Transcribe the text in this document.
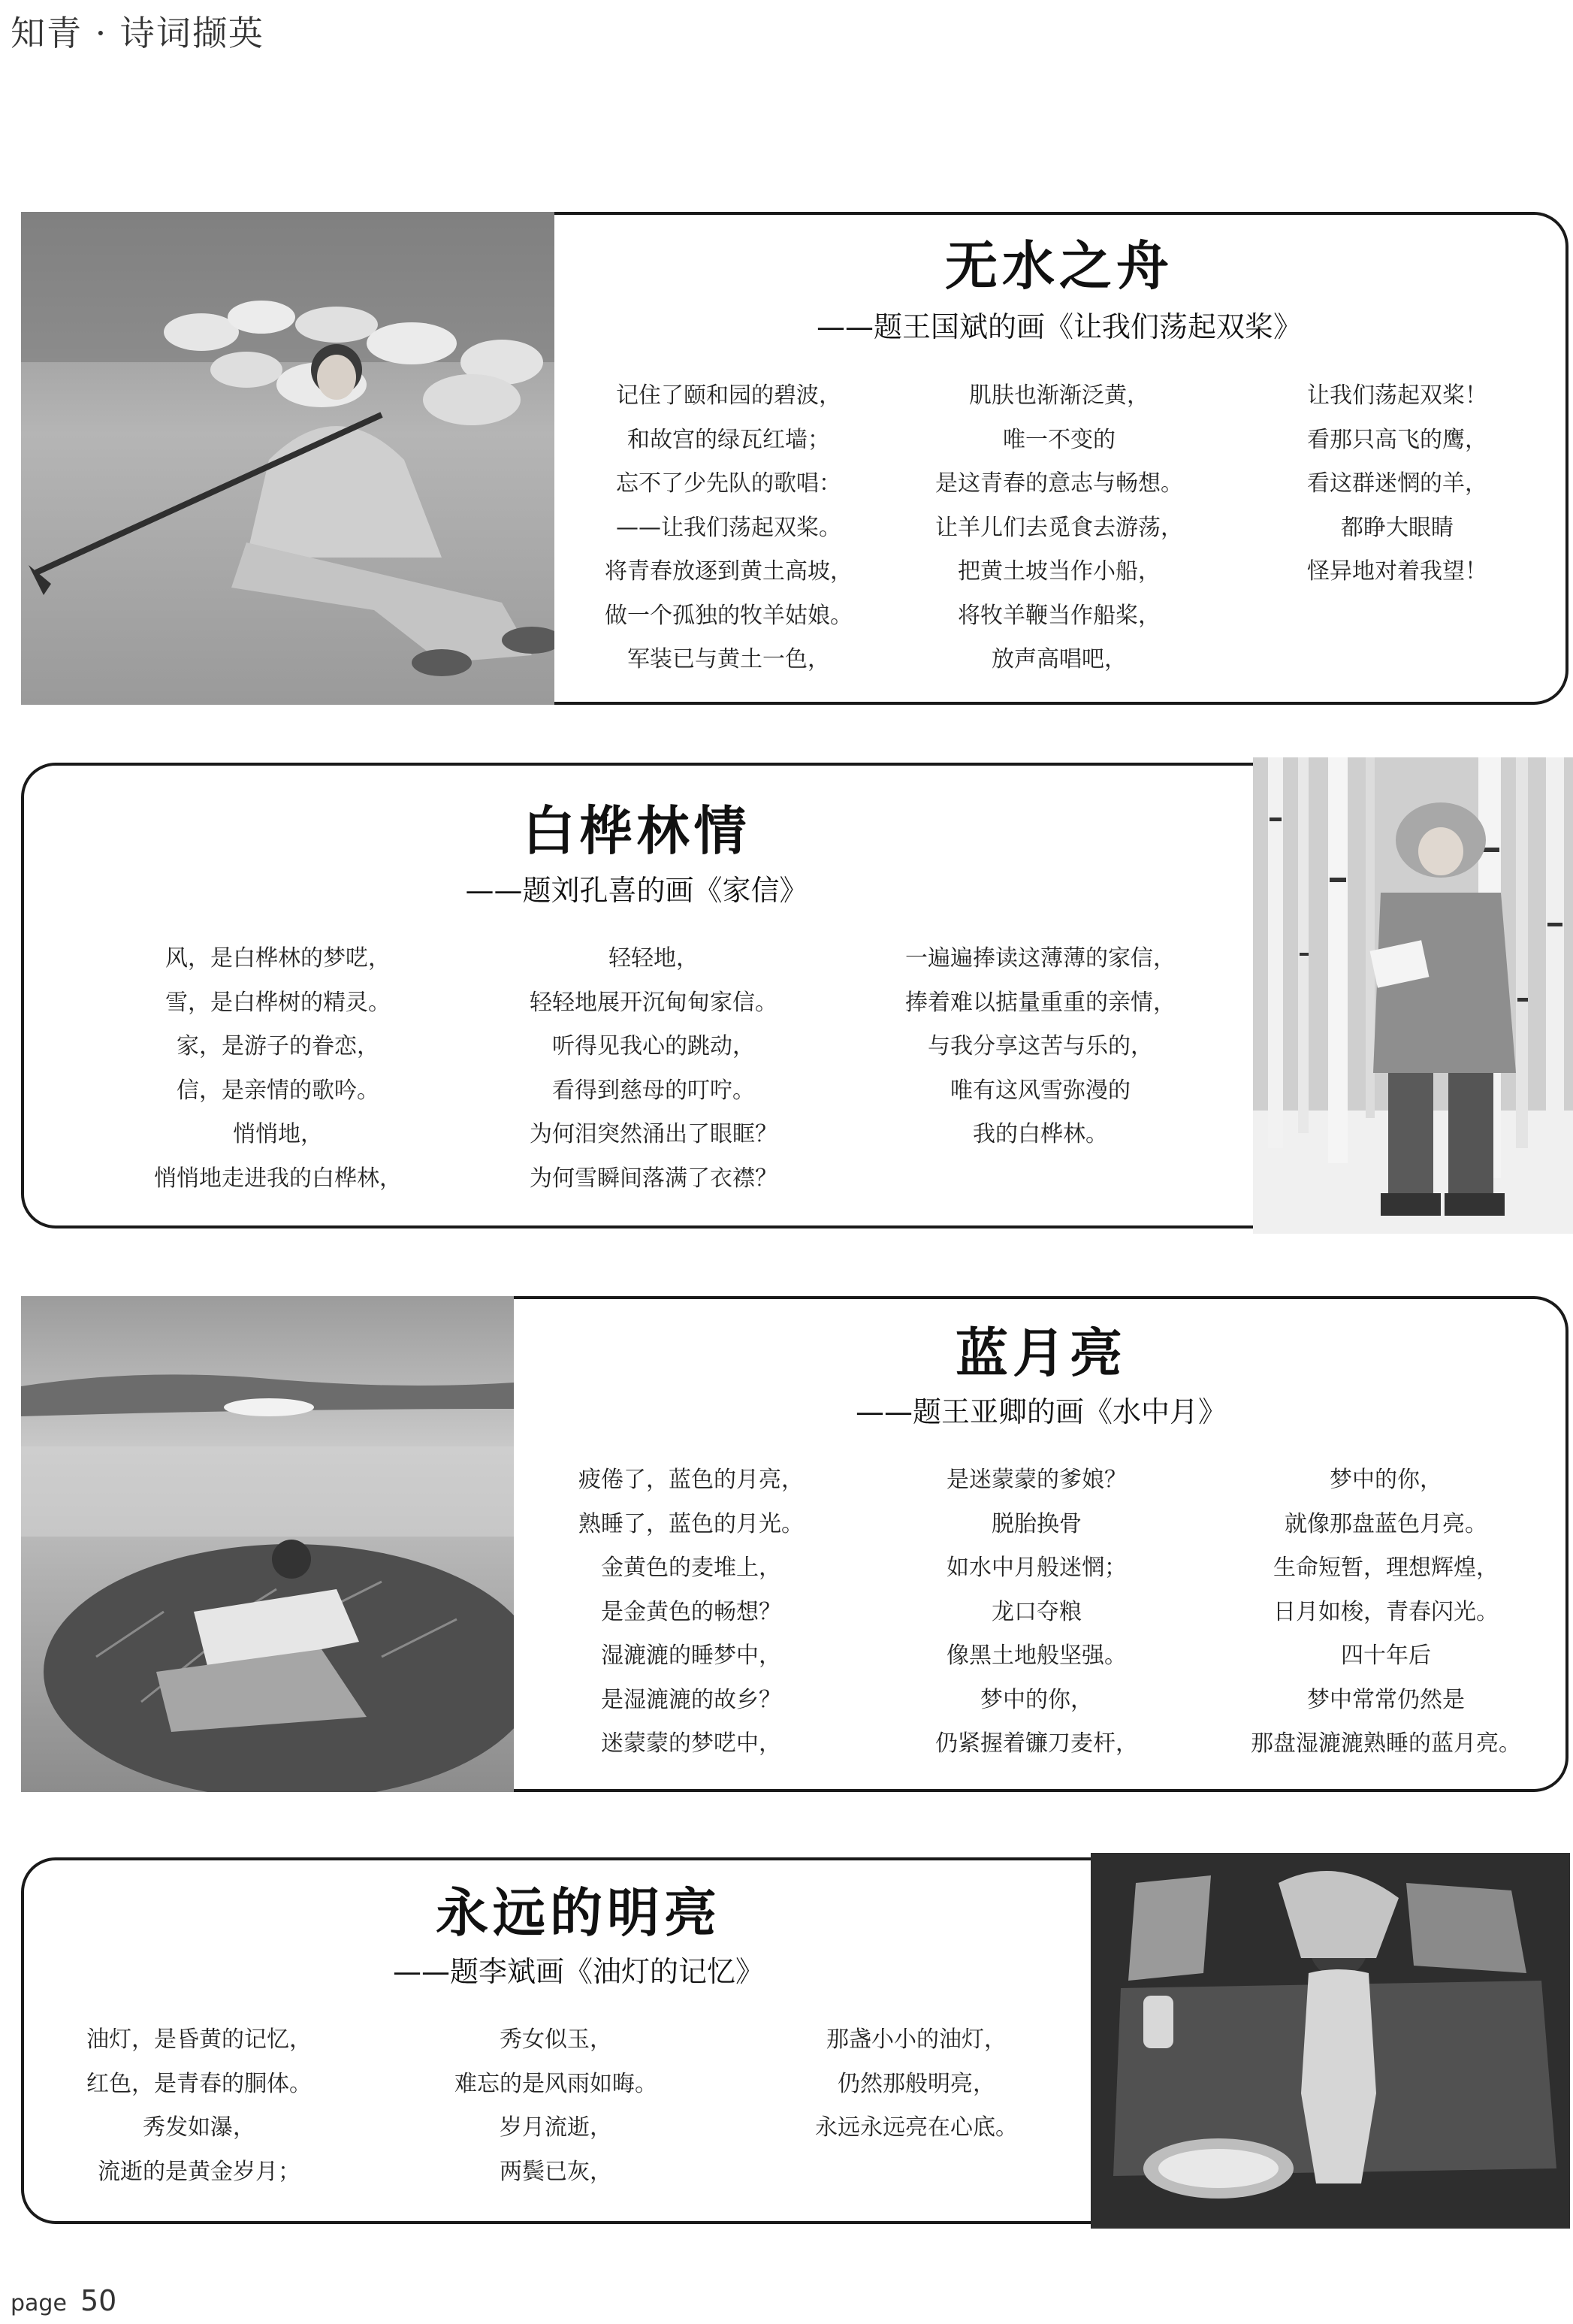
知青 · 诗词撷英
无水之舟
——题王国斌的画《让我们荡起双桨》
记住了颐和园的碧波，
和故宫的绿瓦红墙；
忘不了少先队的歌唱：
——让我们荡起双桨。
将青春放逐到黄土高坡，
做一个孤独的牧羊姑娘。
军装已与黄土一色，
肌肤也渐渐泛黄，
唯一不变的
是这青春的意志与畅想。
让羊儿们去觅食去游荡，
把黄土坡当作小船，
将牧羊鞭当作船桨，
放声高唱吧，
让我们荡起双桨！
看那只高飞的鹰，
看这群迷惘的羊，
都睁大眼睛
怪异地对着我望！
白桦林情
——题刘孔喜的画《家信》
风，是白桦林的梦呓，
雪，是白桦树的精灵。
家，是游子的眷恋，
信，是亲情的歌吟。
悄悄地，
悄悄地走进我的白桦林，
轻轻地，
轻轻地展开沉甸甸家信。
听得见我心的跳动，
看得到慈母的叮咛。
为何泪突然涌出了眼眶？
为何雪瞬间落满了衣襟？
一遍遍捧读这薄薄的家信，
捧着难以掂量重重的亲情，
与我分享这苦与乐的，
唯有这风雪弥漫的
我的白桦林。
蓝月亮
——题王亚卿的画《水中月》
疲倦了，蓝色的月亮，
熟睡了，蓝色的月光。
金黄色的麦堆上，
是金黄色的畅想？
湿漉漉的睡梦中，
是湿漉漉的故乡？
迷蒙蒙的梦呓中，
是迷蒙蒙的爹娘？
脱胎换骨
如水中月般迷惘；
龙口夺粮
像黑土地般坚强。
梦中的你，
仍紧握着镰刀麦杆，
梦中的你，
就像那盘蓝色月亮。
生命短暂，理想辉煌，
日月如梭，青春闪光。
四十年后
梦中常常仍然是
那盘湿漉漉熟睡的蓝月亮。
永远的明亮
——题李斌画《油灯的记忆》
油灯，是昏黄的记忆，
红色，是青春的胴体。
秀发如瀑，
流逝的是黄金岁月；
秀女似玉，
难忘的是风雨如晦。
岁月流逝，
两鬓已灰，
那盏小小的油灯，
仍然那般明亮，
永远永远亮在心底。
page 50
